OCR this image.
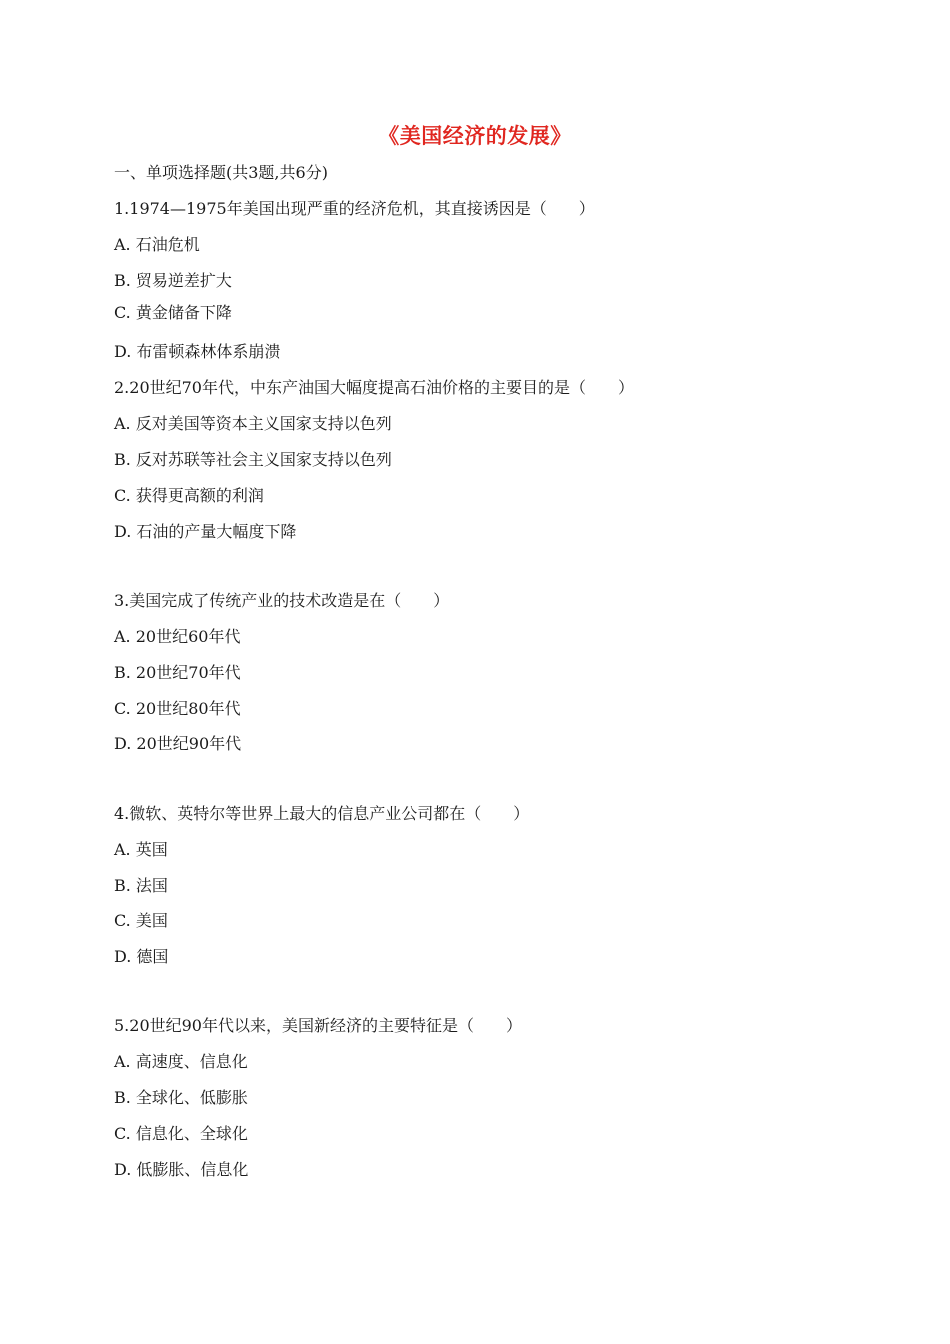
《美国经济的发展》
一、单项选择题(共3题,共6分)
1.1974—1975年美国出现严重的经济危机，其直接诱因是（　　）
A. 石油危机
B. 贸易逆差扩大
C. 黄金储备下降
D. 布雷顿森林体系崩溃
2.20世纪70年代，中东产油国大幅度提高石油价格的主要目的是（　　）
A. 反对美国等资本主义国家支持以色列
B. 反对苏联等社会主义国家支持以色列
C. 获得更高额的利润
D. 石油的产量大幅度下降
3.美国完成了传统产业的技术改造是在（　　）
A. 20世纪60年代
B. 20世纪70年代
C. 20世纪80年代
D. 20世纪90年代
4.微软、英特尔等世界上最大的信息产业公司都在（　　）
A. 英国
B. 法国
C. 美国
D. 德国
5.20世纪90年代以来，美国新经济的主要特征是（　　）
A. 高速度、信息化
B. 全球化、低膨胀
C. 信息化、全球化
D. 低膨胀、信息化
